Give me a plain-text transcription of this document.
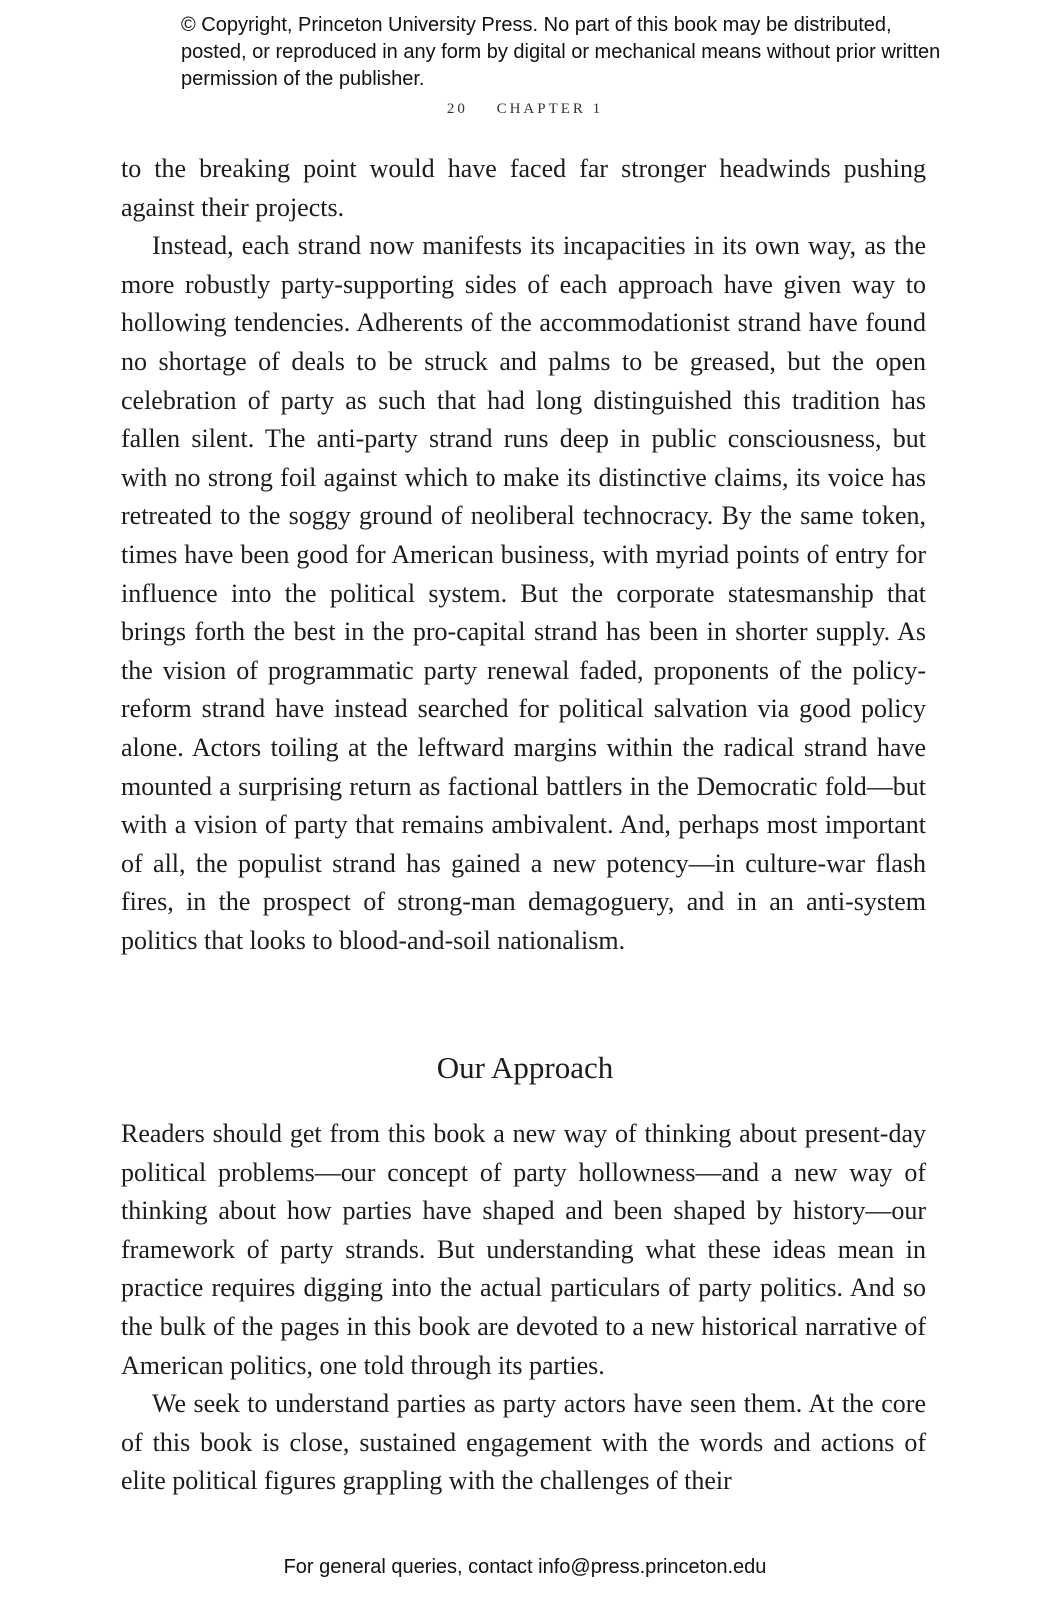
© Copyright, Princeton University Press. No part of this book may be distributed, posted, or reproduced in any form by digital or mechanical means without prior written permission of the publisher.

20 CHAPTER 1

to the breaking point would have faced far stronger headwinds pushing against their projects.

Instead, each strand now manifests its incapacities in its own way, as the more robustly party-supporting sides of each approach have given way to hollowing tendencies. Adherents of the accommodationist strand have found no shortage of deals to be struck and palms to be greased, but the open celebration of party as such that had long distinguished this tradition has fallen silent. The anti-party strand runs deep in public consciousness, but with no strong foil against which to make its distinctive claims, its voice has retreated to the soggy ground of neoliberal technocracy. By the same token, times have been good for American business, with myriad points of entry for influence into the political system. But the corporate statesmanship that brings forth the best in the pro-capital strand has been in shorter supply. As the vision of programmatic party renewal faded, proponents of the policy-reform strand have instead searched for political salvation via good policy alone. Actors toiling at the leftward margins within the radical strand have mounted a surprising return as factional battlers in the Democratic fold—but with a vision of party that remains ambivalent. And, perhaps most important of all, the populist strand has gained a new potency—in culture-war flash fires, in the prospect of strong-man demagoguery, and in an anti-system politics that looks to blood-and-soil nationalism.

Our Approach

Readers should get from this book a new way of thinking about present-day political problems—our concept of party hollowness—and a new way of thinking about how parties have shaped and been shaped by history—our framework of party strands. But understanding what these ideas mean in practice requires digging into the actual particulars of party politics. And so the bulk of the pages in this book are devoted to a new historical narrative of American politics, one told through its parties.

We seek to understand parties as party actors have seen them. At the core of this book is close, sustained engagement with the words and actions of elite political figures grappling with the challenges of their

For general queries, contact info@press.princeton.edu
